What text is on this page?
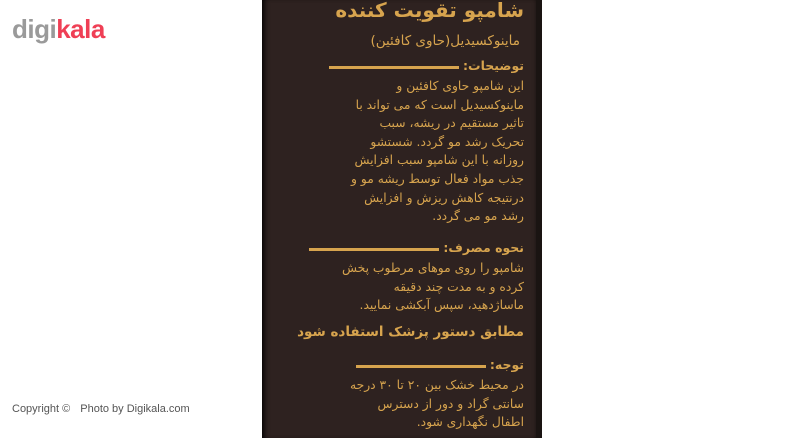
digikala
Copyright © Photo by Digikala.com
شامپو تقویت کننده
ماینوکسیدیل(حاوی کافئین)
توضیحات:
این شامپو حاوی کافئین و
ماینوکسیدیل است که می تواند با
تاثیر مستقیم در ریشه، سبب
تحریک رشد مو گردد. شستشو
روزانه با این شامپو سبب افزایش
جذب مواد فعال توسط ریشه مو و
درنتیجه کاهش ریزش و افزایش
رشد مو می گردد.
نحوه مصرف:
شامپو را روی موهای مرطوب پخش
کرده و به مدت چند دقیقه
ماساژدهید، سپس آبکشی نمایید.
مطابق دستور پزشک استفاده شود
توجه:
در محیط خشک بین ۲۰ تا ۳۰ درجه
سانتی گراد و دور از دسترس
اطفال نگهداری شود.
